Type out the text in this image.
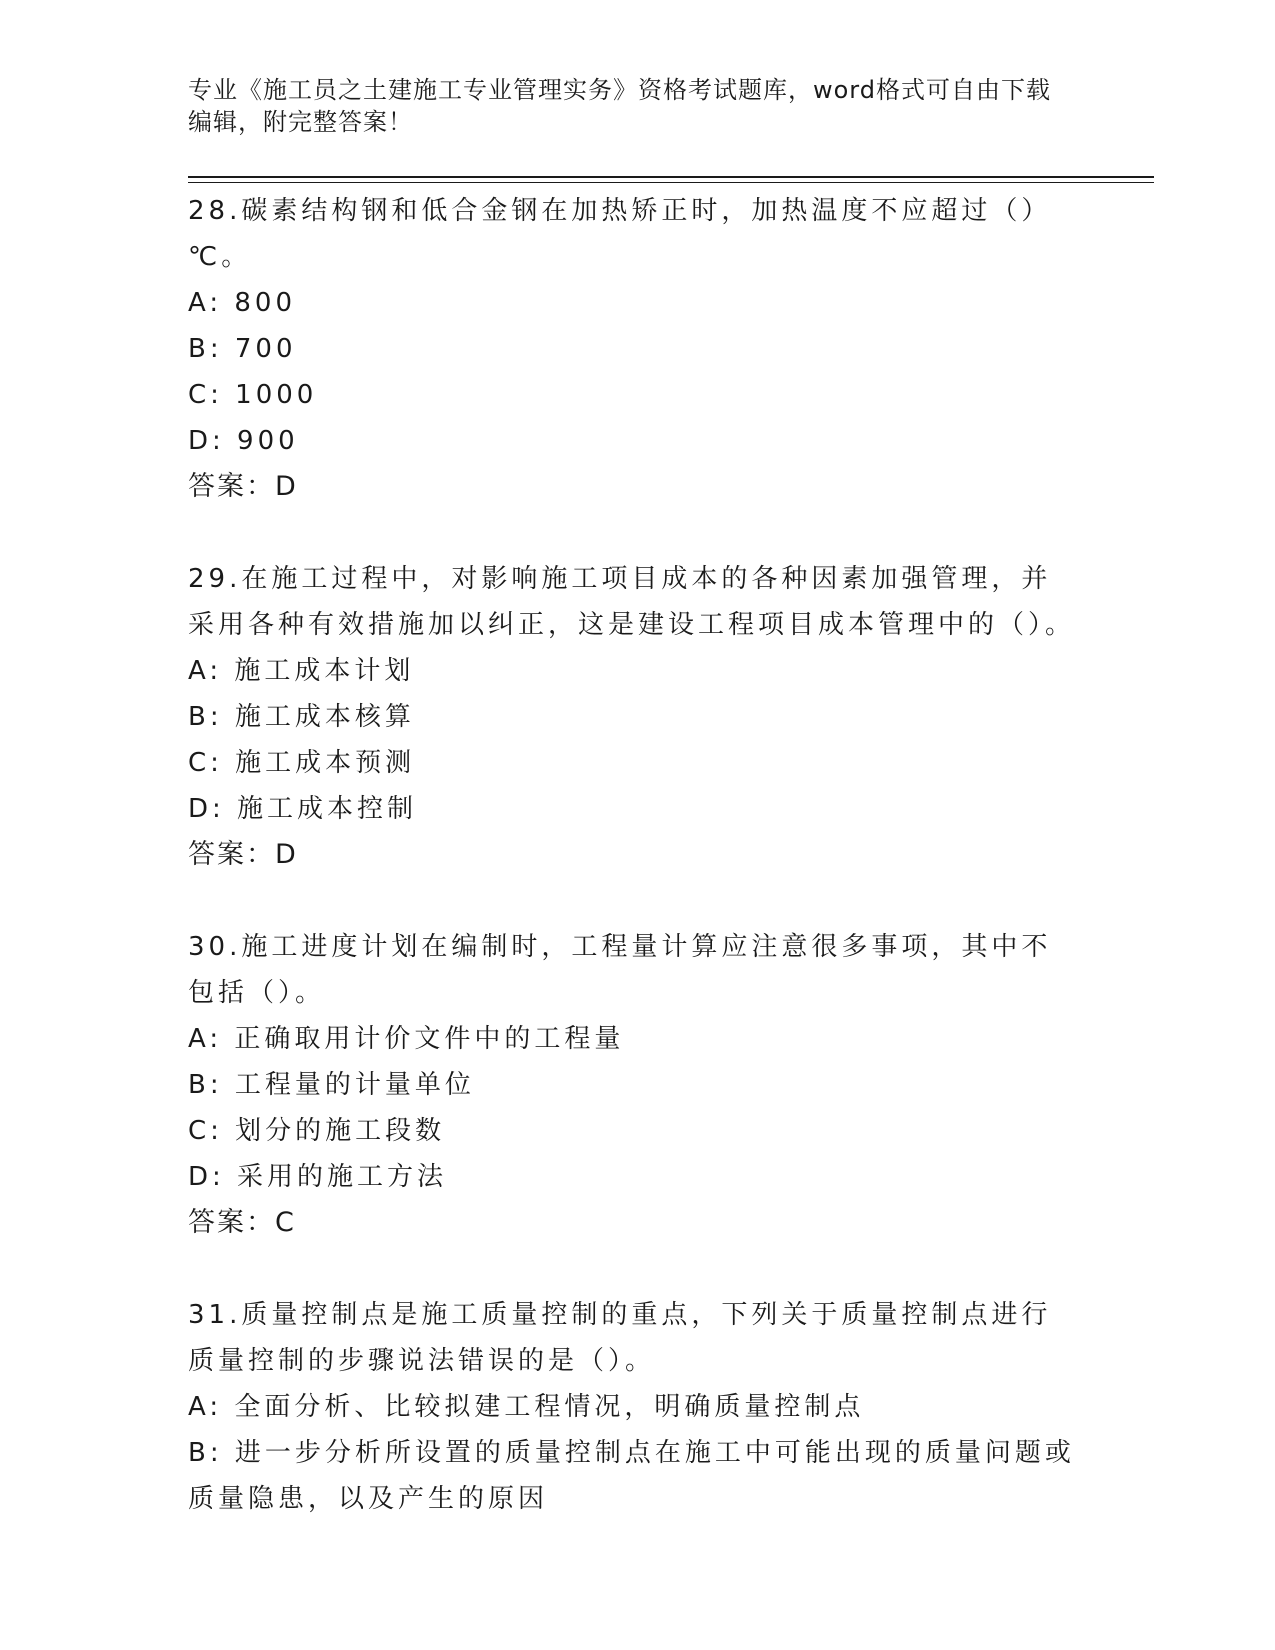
专业《施工员之土建施工专业管理实务》资格考试题库，word格式可自由下载编辑，附完整答案！
28.碳素结构钢和低合金钢在加热矫正时，加热温度不应超过（）℃。
A: 800
B: 700
C: 1000
D: 900
答案：D
29.在施工过程中，对影响施工项目成本的各种因素加强管理，并采用各种有效措施加以纠正，这是建设工程项目成本管理中的（）。
A: 施工成本计划
B: 施工成本核算
C: 施工成本预测
D: 施工成本控制
答案：D
30.施工进度计划在编制时，工程量计算应注意很多事项，其中不包括（）。
A: 正确取用计价文件中的工程量
B: 工程量的计量单位
C: 划分的施工段数
D: 采用的施工方法
答案：C
31.质量控制点是施工质量控制的重点，下列关于质量控制点进行质量控制的步骤说法错误的是（）。
A: 全面分析、比较拟建工程情况，明确质量控制点
B: 进一步分析所设置的质量控制点在施工中可能出现的质量问题或质量隐患，以及产生的原因
